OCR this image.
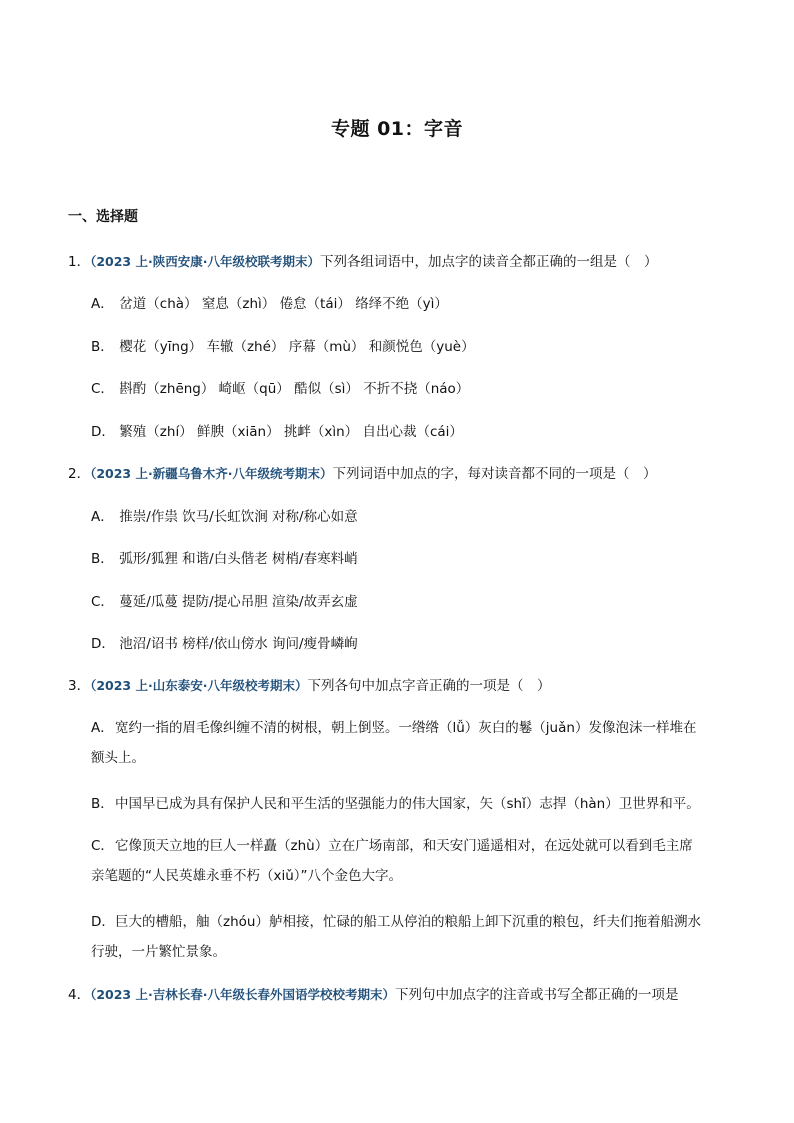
专题 01：字音
一、选择题
1．（2023 上·陕西安康·八年级校联考期末）下列各组词语中，加点字的读音全都正确的一组是（　）
A． 岔道（chà） 窒息（zhì） 倦怠（tái） 络绎不绝（yì）
B． 樱花（yīng） 车辙（zhé） 序幕（mù） 和颜悦色（yuè）
C． 斟酌（zhēng） 崎岖（qū） 酷似（sì） 不折不挠（náo）
D． 繁殖（zhí） 鲜腴（xiān） 挑衅（xìn） 自出心裁（cái）
2．（2023 上·新疆乌鲁木齐·八年级统考期末）下列词语中加点的字，每对读音都不同的一项是（　）
A． 推崇/作祟 饮马/长虹饮涧 对称/称心如意
B． 弧形/狐狸 和谐/白头偕老 树梢/春寒料峭
C． 蔓延/瓜蔓 提防/提心吊胆 渲染/故弄玄虚
D． 池沼/诏书 榜样/依山傍水 询问/瘦骨嶙峋
3．（2023 上·山东泰安·八年级校考期末）下列各句中加点字音正确的一项是（　）
A．宽约一指的眉毛像纠缠不清的树根，朝上倒竖。一绺绺（lǚ）灰白的鬈（juǎn）发像泡沫一样堆在
额头上。
B．中国早已成为具有保护人民和平生活的坚强能力的伟大国家，矢（shǐ）志捍（hàn）卫世界和平。
C．它像顶天立地的巨人一样矗（zhù）立在广场南部，和天安门遥遥相对，在远处就可以看到毛主席
亲笔题的“人民英雄永垂不朽（xiǔ）”八个金色大字。
D．巨大的槽船，舳（zhóu）舻相接，忙碌的船工从停泊的粮船上卸下沉重的粮包，纤夫们拖着船溯水
行驶，一片繁忙景象。
4．（2023 上·吉林长春·八年级长春外国语学校校考期末）下列句中加点字的注音或书写全都正确的一项是
